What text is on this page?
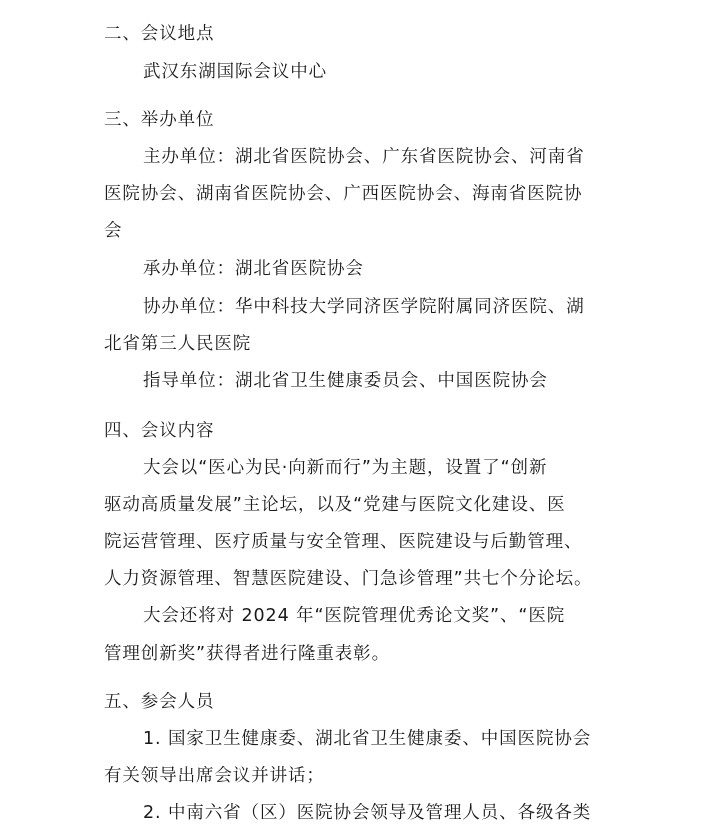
二、会议地点
武汉东湖国际会议中心
三、举办单位
主办单位：湖北省医院协会、广东省医院协会、河南省
医院协会、湖南省医院协会、广西医院协会、海南省医院协
会
承办单位：湖北省医院协会
协办单位：华中科技大学同济医学院附属同济医院、湖
北省第三人民医院
指导单位：湖北省卫生健康委员会、中国医院协会
四、会议内容
大会以“医心为民·向新而行”为主题，设置了“创新
驱动高质量发展”主论坛，以及“党建与医院文化建设、医
院运营管理、医疗质量与安全管理、医院建设与后勤管理、
人力资源管理、智慧医院建设、门急诊管理”共七个分论坛。
大会还将对 2024 年“医院管理优秀论文奖”、“医院
管理创新奖”获得者进行隆重表彰。
五、参会人员
1. 国家卫生健康委、湖北省卫生健康委、中国医院协会
有关领导出席会议并讲话；
2. 中南六省（区）医院协会领导及管理人员、各级各类
